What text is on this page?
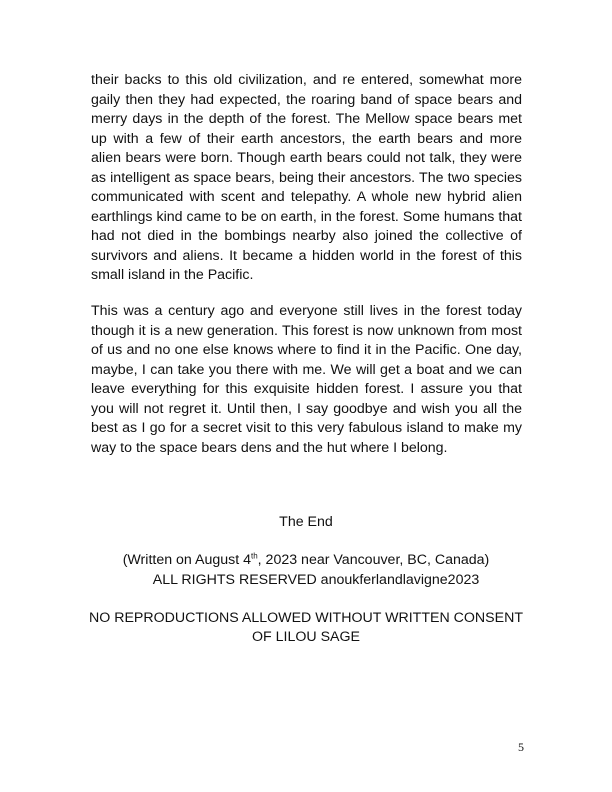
their backs to this old civilization, and re entered, somewhat more gaily then they had expected, the roaring band of space bears and merry days in the depth of the forest. The Mellow space bears met up with a few of their earth ancestors, the earth bears and more alien bears were born. Though earth bears could not talk, they were as intelligent as space bears, being their ancestors. The two species communicated with scent and telepathy. A whole new hybrid alien earthlings kind came to be on earth, in the forest. Some humans that had not died in the bombings nearby also joined the collective of survivors and aliens. It became a hidden world in the forest of this small island in the Pacific.

This was a century ago and everyone still lives in the forest today though it is a new generation. This forest is now unknown from most of us and no one else knows where to find it in the Pacific. One day, maybe, I can take you there with me. We will get a boat and we can leave everything for this exquisite hidden forest. I assure you that you will not regret it. Until then, I say goodbye and wish you all the best as I go for a secret visit to this very fabulous island to make my way to the space bears dens and the hut where I belong.

The End

(Written on August 4th, 2023 near Vancouver, BC, Canada)

ALL RIGHTS RESERVED anoukferlandlavigne2023

NO REPRODUCTIONS ALLOWED WITHOUT WRITTEN CONSENT

OF LILOU SAGE

5
